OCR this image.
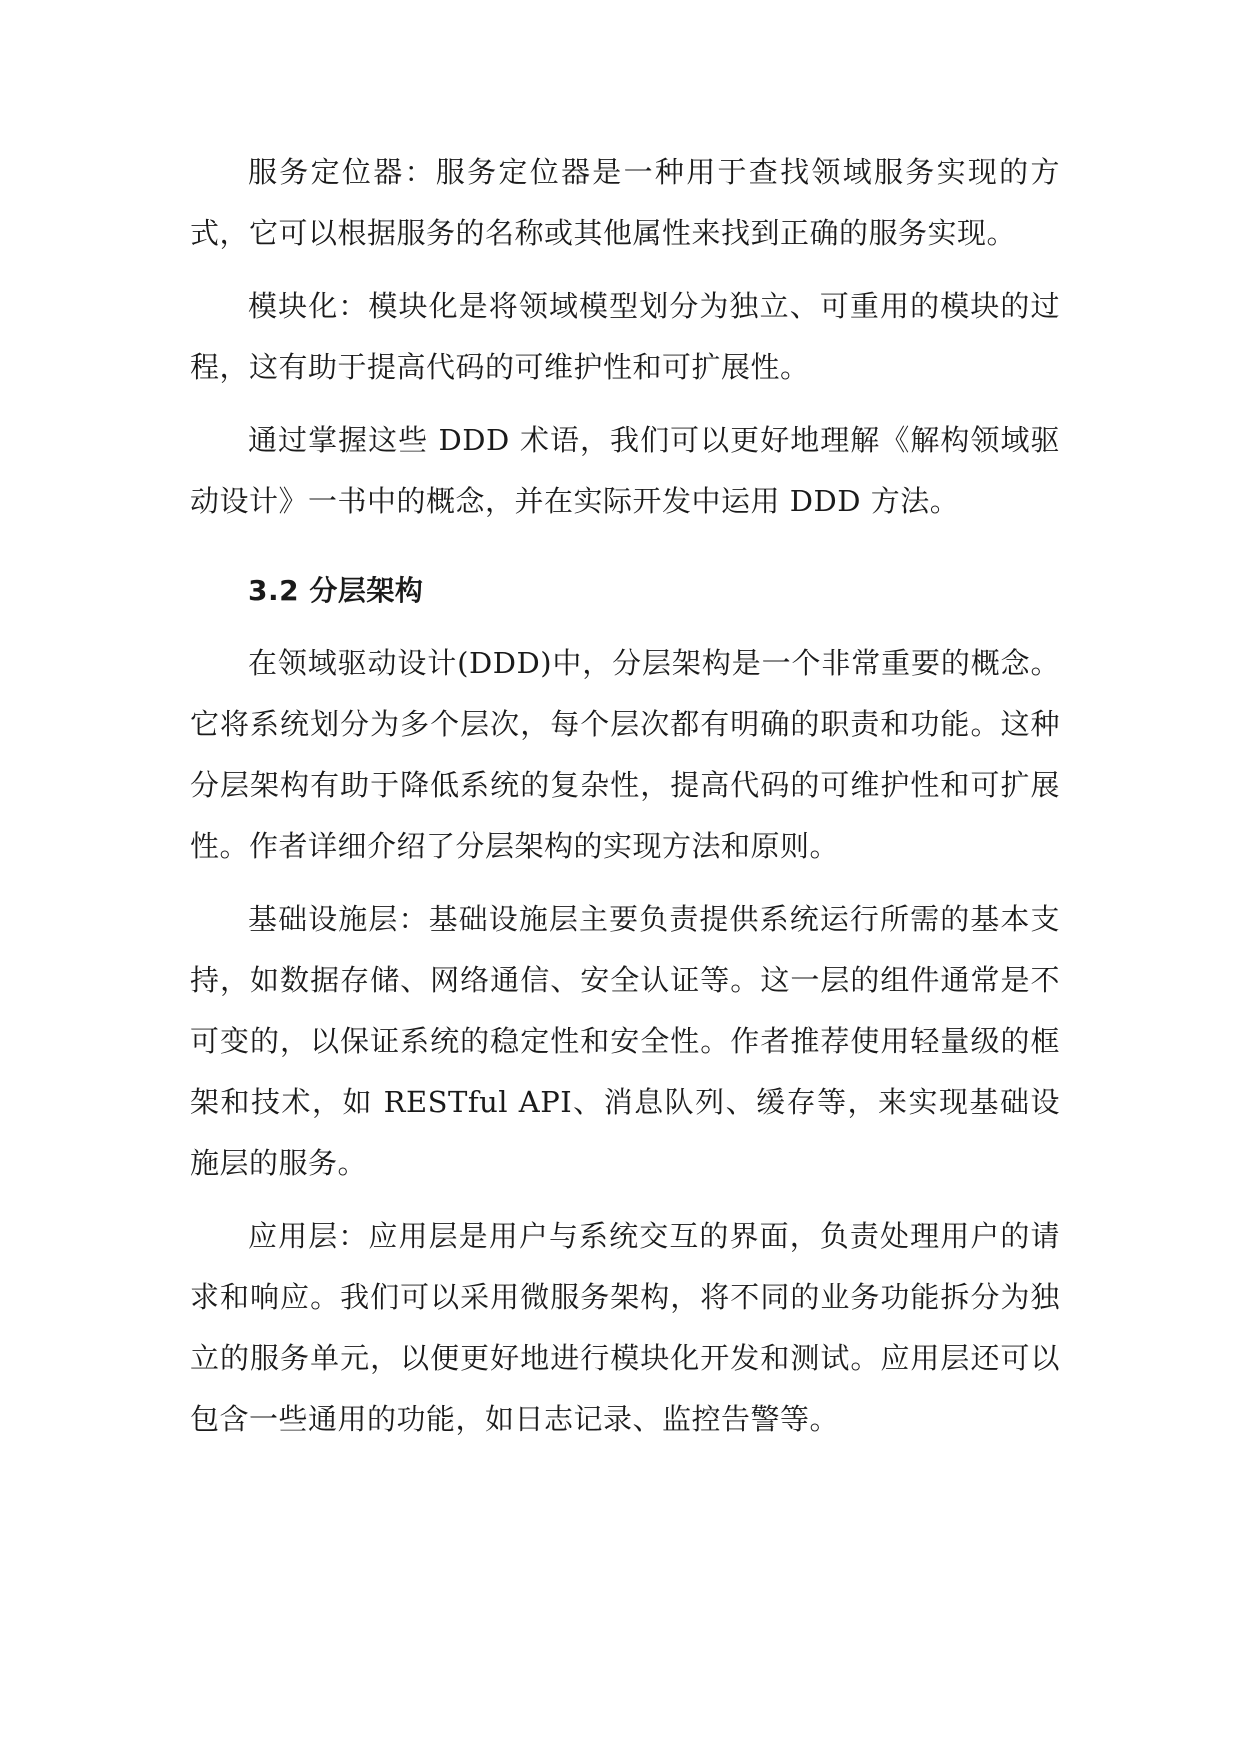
服务定位器：服务定位器是一种用于查找领域服务实现的方式，它可以根据服务的名称或其他属性来找到正确的服务实现。

模块化：模块化是将领域模型划分为独立、可重用的模块的过程，这有助于提高代码的可维护性和可扩展性。

通过掌握这些 DDD 术语，我们可以更好地理解《解构领域驱动设计》一书中的概念，并在实际开发中运用 DDD 方法。

3.2 分层架构

在领域驱动设计(DDD)中，分层架构是一个非常重要的概念。它将系统划分为多个层次，每个层次都有明确的职责和功能。这种分层架构有助于降低系统的复杂性，提高代码的可维护性和可扩展性。作者详细介绍了分层架构的实现方法和原则。

基础设施层：基础设施层主要负责提供系统运行所需的基本支持，如数据存储、网络通信、安全认证等。这一层的组件通常是不可变的，以保证系统的稳定性和安全性。作者推荐使用轻量级的框架和技术，如 RESTful API、消息队列、缓存等，来实现基础设施层的服务。

应用层：应用层是用户与系统交互的界面，负责处理用户的请求和响应。我们可以采用微服务架构，将不同的业务功能拆分为独立的服务单元，以便更好地进行模块化开发和测试。应用层还可以包含一些通用的功能，如日志记录、监控告警等。
